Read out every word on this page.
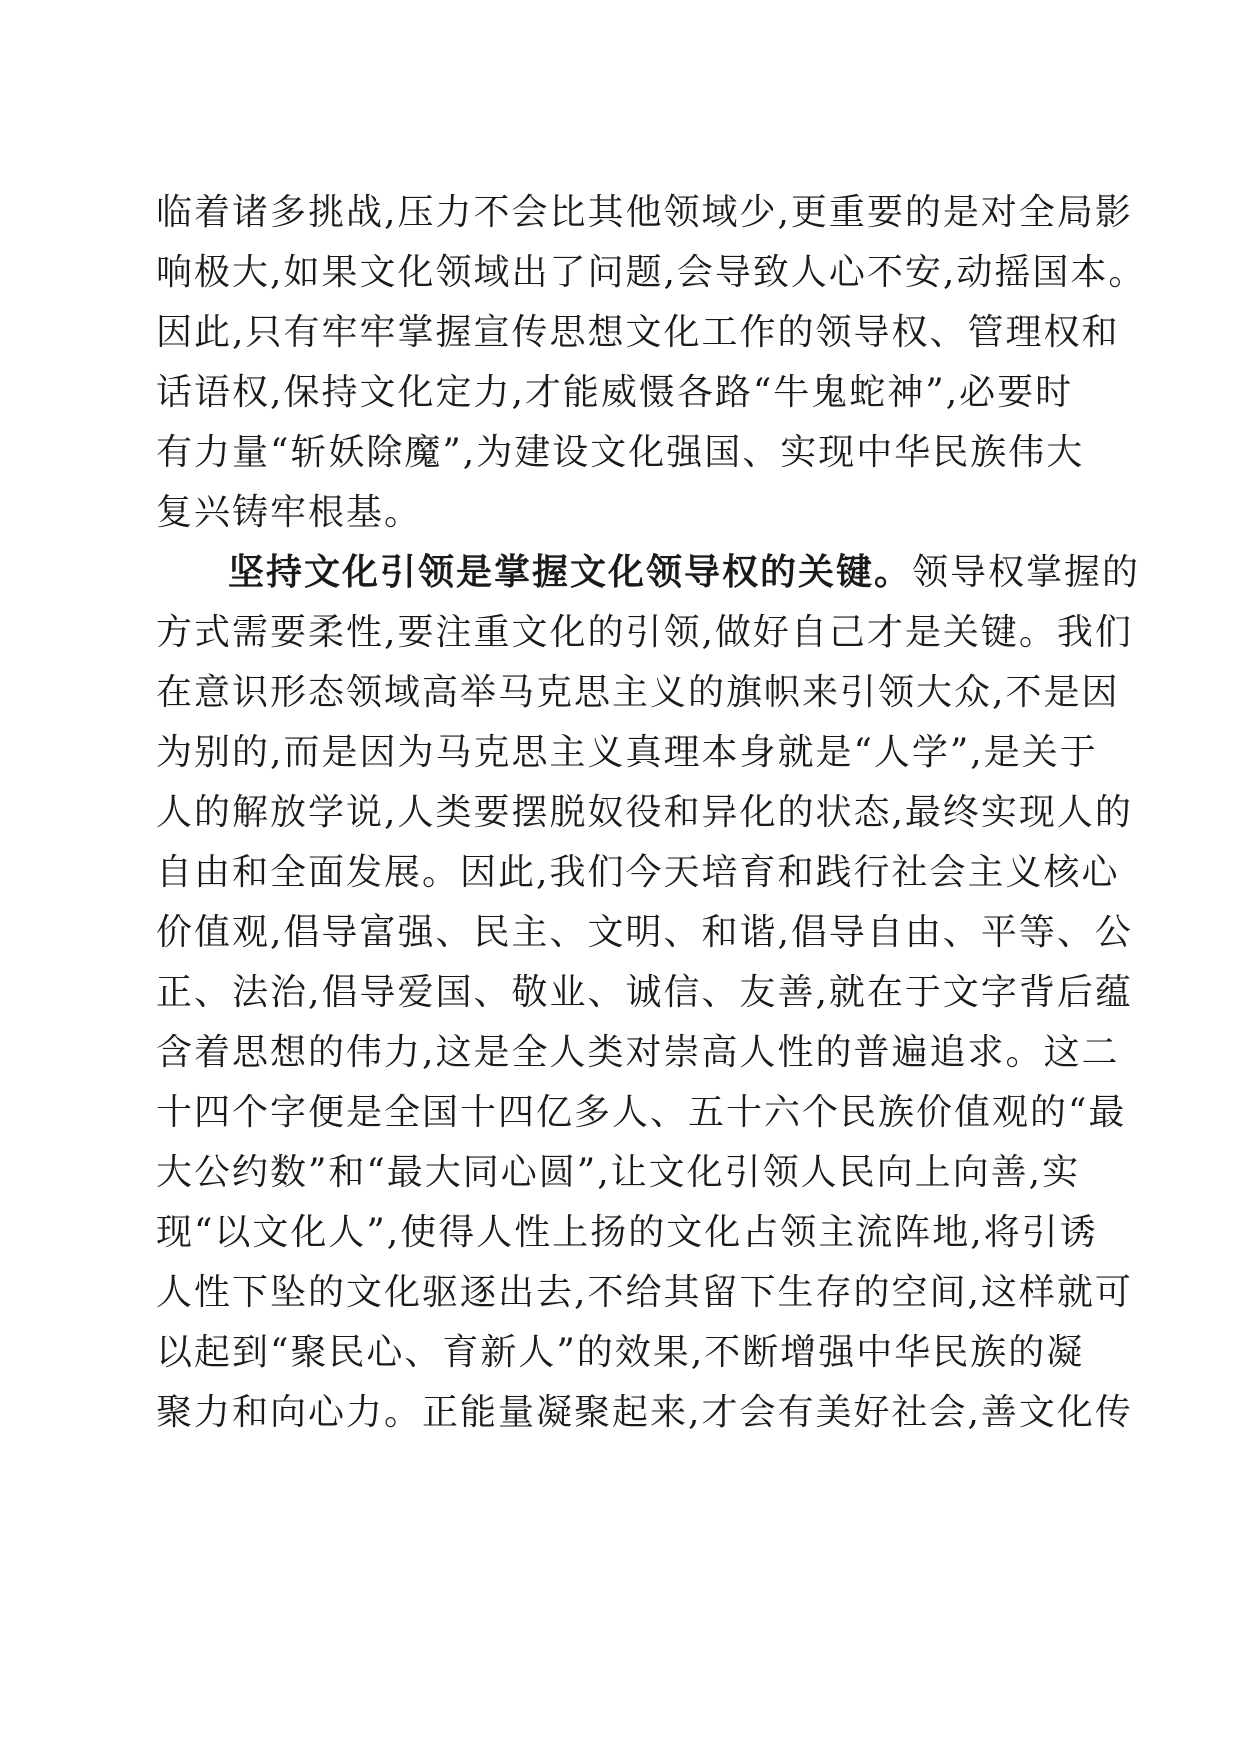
临着诸多挑战,压力不会比其他领域少,更重要的是对全局影
响极大,如果文化领域出了问题,会导致人心不安,动摇国本。
因此,只有牢牢掌握宣传思想文化工作的领导权、管理权和
话语权,保持文化定力,才能威慑各路“牛鬼蛇神”,必要时
有力量“斩妖除魔”,为建设文化强国、实现中华民族伟大
复兴铸牢根基。
坚持文化引领是掌握文化领导权的关键。领导权掌握的
方式需要柔性,要注重文化的引领,做好自己才是关键。我们
在意识形态领域高举马克思主义的旗帜来引领大众,不是因
为别的,而是因为马克思主义真理本身就是“人学”,是关于
人的解放学说,人类要摆脱奴役和异化的状态,最终实现人的
自由和全面发展。因此,我们今天培育和践行社会主义核心
价值观,倡导富强、民主、文明、和谐,倡导自由、平等、公
正、法治,倡导爱国、敬业、诚信、友善,就在于文字背后蕴
含着思想的伟力,这是全人类对崇高人性的普遍追求。这二
十四个字便是全国十四亿多人、五十六个民族价值观的“最
大公约数”和“最大同心圆”,让文化引领人民向上向善,实
现“以文化人”,使得人性上扬的文化占领主流阵地,将引诱
人性下坠的文化驱逐出去,不给其留下生存的空间,这样就可
以起到“聚民心、育新人”的效果,不断增强中华民族的凝
聚力和向心力。正能量凝聚起来,才会有美好社会,善文化传
